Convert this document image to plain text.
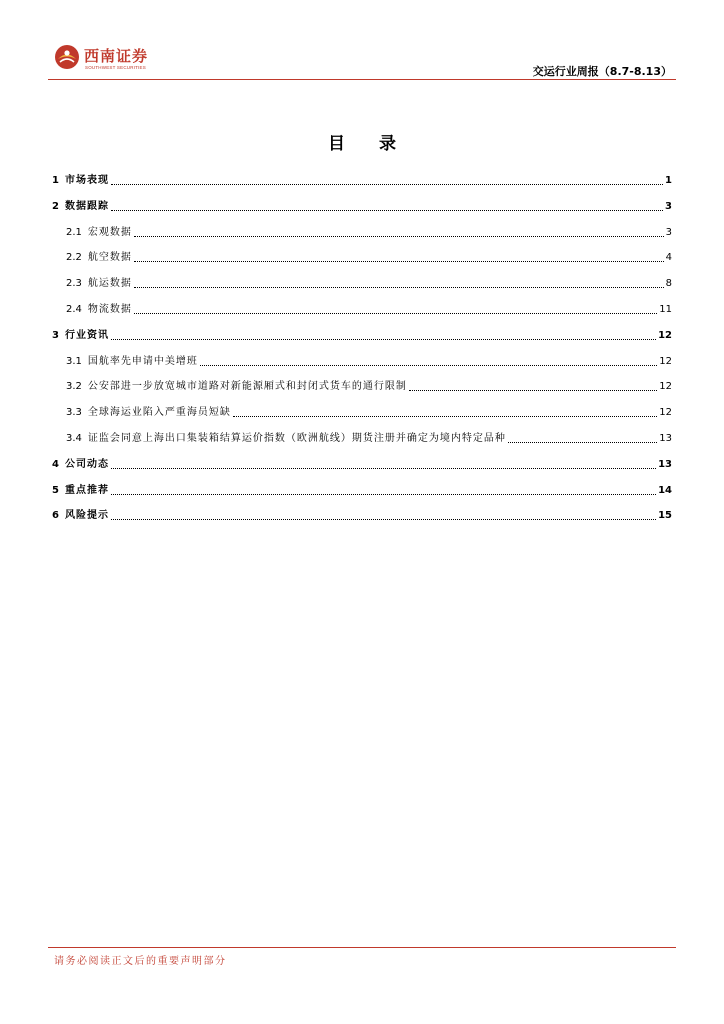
西南证券
SOUTHWEST SECURITIES	交运行业周报（8.7-8.13）
目 录
1 市场表现	1
2 数据跟踪	3
2.1 宏观数据	3
2.2 航空数据	4
2.3 航运数据	8
2.4 物流数据	11
3 行业资讯	12
3.1 国航率先申请中美增班	12
3.2 公安部进一步放宽城市道路对新能源厢式和封闭式货车的通行限制	12
3.3 全球海运业陷入严重海员短缺	12
3.4 证监会同意上海出口集装箱结算运价指数（欧洲航线）期货注册并确定为境内特定品种	13
4 公司动态	13
5 重点推荐	14
6 风险提示	15
请务必阅读正文后的重要声明部分
